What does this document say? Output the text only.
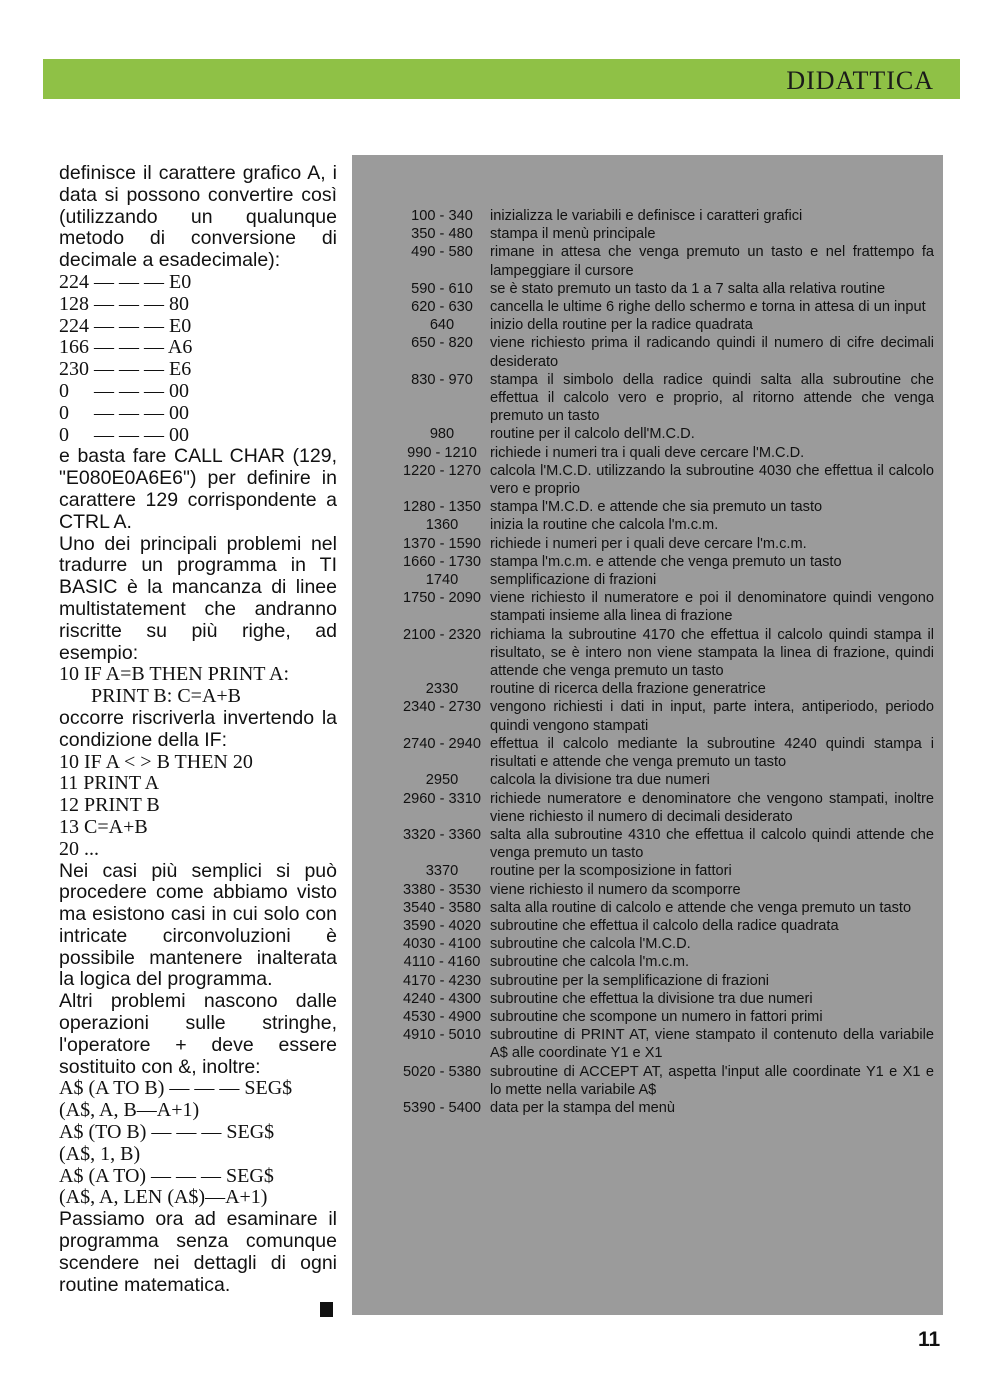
DIDATTICA
definisce il carattere grafico A, i data si possono convertire così (utilizzando un qualunque metodo di conversione di decimale a esadecimale):
224 — — — E0
128 — — — 80
224 — — — E0
166 — — — A6
230 — — — E6
0     — — — 00
0     — — — 00
0     — — — 00
e basta fare CALL CHAR (129, "E080E0A6E6") per definire in carattere 129 corrispondente a CTRL A.
Uno dei principali problemi nel tradurre un programma in TI BASIC è la mancanza di linee multistatement che andranno riscritte su più righe, ad esempio:
10 IF A=B THEN PRINT A:
PRINT B: C=A+B
occorre riscriverla invertendo la condizione della IF:
10 IF A < > B THEN 20
11 PRINT A
12 PRINT B
13 C=A+B
20 ...
Nei casi più semplici si può procedere come abbiamo visto ma esistono casi in cui solo con intricate circonvoluzioni è possibile mantenere inalterata la logica del programma.
Altri problemi nascono dalle operazioni sulle stringhe, l'operatore + deve essere sostituito con &, inoltre:
A$ (A TO B) — — — SEG$
(A$, A, B—A+1)
A$ (TO B) — — — SEG$
(A$, 1, B)
A$ (A TO) — — — SEG$
(A$, A, LEN (A$)—A+1)
Passiamo ora ad esaminare il programma senza comunque scendere nei dettagli di ogni routine matematica.
100 - 340	inizializza le variabili e definisce i caratteri grafici
350 - 480	stampa il menù principale
490 - 580	rimane in attesa che venga premuto un tasto e nel frattempo fa lampeggiare il cursore
590 - 610	se è stato premuto un tasto da 1 a 7 salta alla relativa routine
620 - 630	cancella le ultime 6 righe dello schermo e torna in attesa di un input
640	inizio della routine per la radice quadrata
650 - 820	viene richiesto prima il radicando quindi il numero di cifre decimali desiderato
830 - 970	stampa il simbolo della radice quindi salta alla subroutine che effettua il calcolo vero e proprio, al ritorno attende che venga premuto un tasto
980	routine per il calcolo dell'M.C.D.
990 - 1210 richiede i numeri tra i quali deve cercare l'M.C.D.
1220 - 1270 calcola l'M.C.D. utilizzando la subroutine 4030 che effettua il calcolo vero e proprio
1280 - 1350 stampa l'M.C.D. e attende che sia premuto un tasto
1360	inizia la routine che calcola l'm.c.m.
1370 - 1590 richiede i numeri per i quali deve cercare l'm.c.m.
1660 - 1730 stampa l'm.c.m. e attende che venga premuto un tasto
1740	semplificazione di frazioni
1750 - 2090 viene richiesto il numeratore e poi il denominatore quindi vengono stampati insieme alla linea di frazione
2100 - 2320 richiama la subroutine 4170 che effettua il calcolo quindi stampa il risultato, se è intero non viene stampata la linea di frazione, quindi attende che venga premuto un tasto
2330	routine di ricerca della frazione generatrice
2340 - 2730 vengono richiesti i dati in input, parte intera, antiperiodo, periodo quindi vengono stampati
2740 - 2940 effettua il calcolo mediante la subroutine 4240 quindi stampa i risultati e attende che venga premuto un tasto
2950	calcola la divisione tra due numeri
2960 - 3310 richiede numeratore e denominatore che vengono stampati, inoltre viene richiesto il numero di decimali desiderato
3320 - 3360 salta alla subroutine 4310 che effettua il calcolo quindi attende che venga premuto un tasto
3370	routine per la scomposizione in fattori
3380 - 3530 viene richiesto il numero da scomporre
3540 - 3580 salta alla routine di calcolo e attende che venga premuto un tasto
3590 - 4020 subroutine che effettua il calcolo della radice quadrata
4030 - 4100 subroutine che calcola l'M.C.D.
4110 - 4160 subroutine che calcola l'm.c.m.
4170 - 4230 subroutine per la semplificazione di frazioni
4240 - 4300 subroutine che effettua la divisione tra due numeri
4530 - 4900 subroutine che scompone un numero in fattori primi
4910 - 5010 subroutine di PRINT AT, viene stampato il contenuto della variabile A$ alle coordinate Y1 e X1
5020 - 5380 subroutine di ACCEPT AT, aspetta l'input alle coordinate Y1 e X1 e lo mette nella variabile A$
5390 - 5400 data per la stampa del menù
11
